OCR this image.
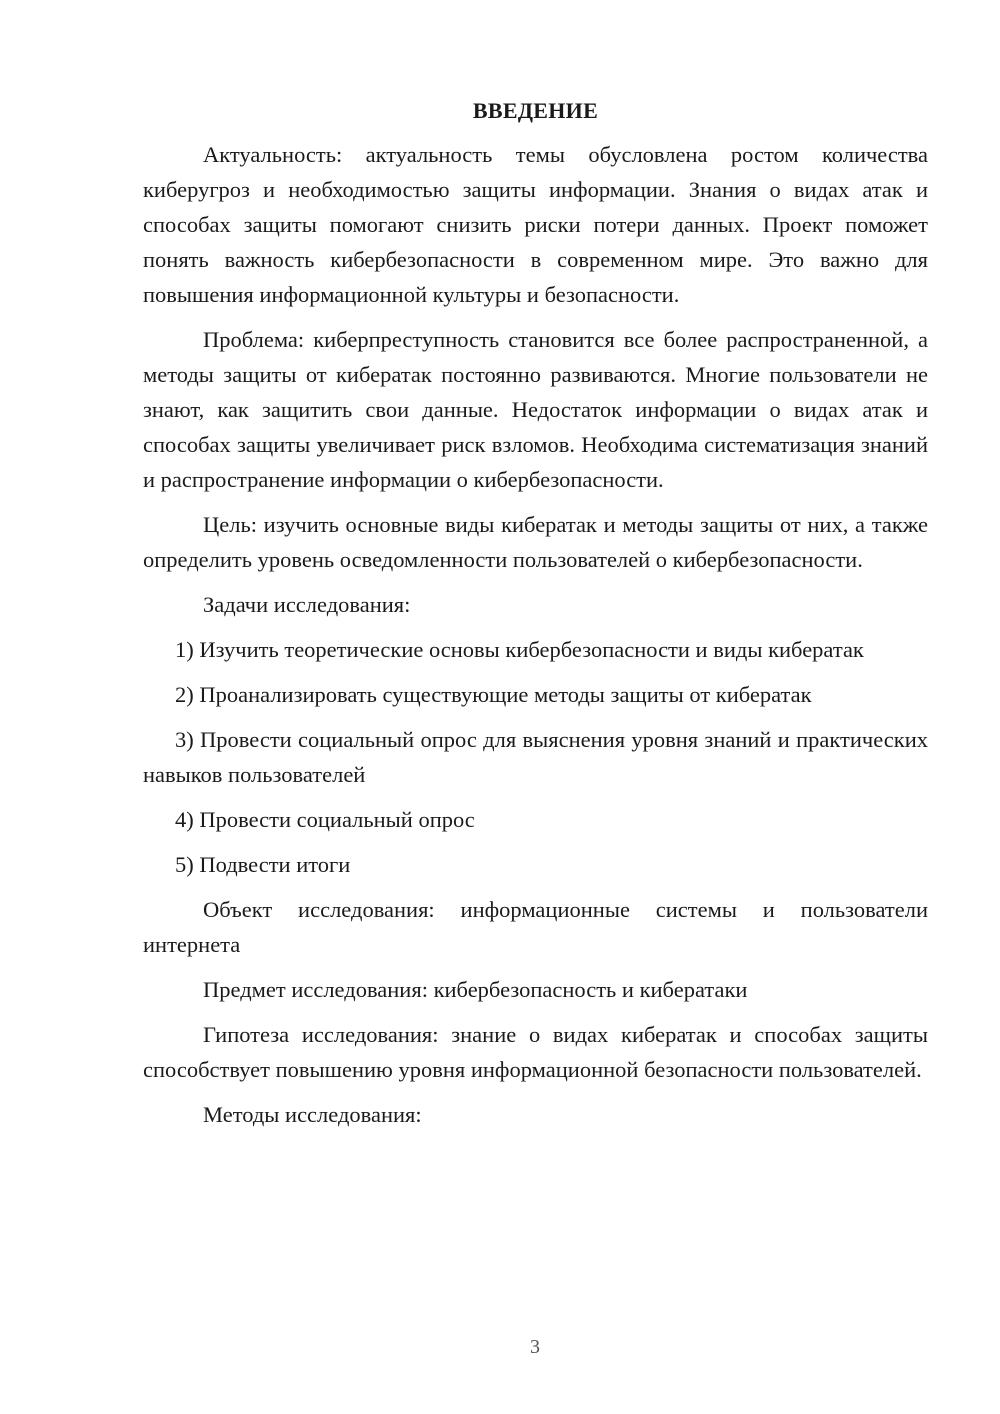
ВВЕДЕНИЕ

Актуальность: актуальность темы обусловлена ростом количества киберугроз и необходимостью защиты информации. Знания о видах атак и способах защиты помогают снизить риски потери данных. Проект поможет понять важность кибербезопасности в современном мире. Это важно для повышения информационной культуры и безопасности.

Проблема: киберпреступность становится все более распространенной, а методы защиты от кибератак постоянно развиваются. Многие пользователи не знают, как защитить свои данные. Недостаток информации о видах атак и способах защиты увеличивает риск взломов. Необходима систематизация знаний и распространение информации о кибербезопасности.

Цель: изучить основные виды кибератак и методы защиты от них, а также определить уровень осведомленности пользователей о кибербезопасности.

Задачи исследования:

1) Изучить теоретические основы кибербезопасности и виды кибератак

2) Проанализировать существующие методы защиты от кибератак

3) Провести социальный опрос для выяснения уровня знаний и практических навыков пользователей

4) Провести социальный опрос

5) Подвести итоги

Объект исследования: информационные системы и пользователи интернета

Предмет исследования: кибербезопасность и кибератаки

Гипотеза исследования: знание о видах кибератак и способах защиты способствует повышению уровня информационной безопасности пользователей.

Методы исследования:

3
